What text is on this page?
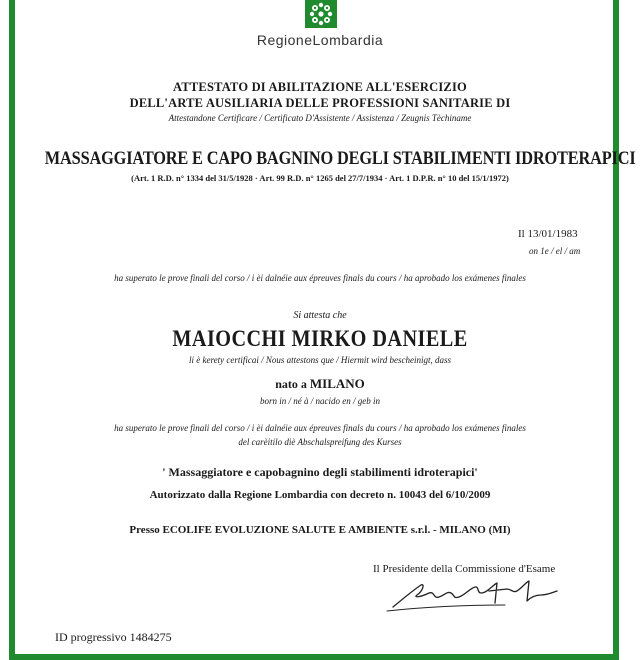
RegioneLombardia
ATTESTATO DI ABILITAZIONE ALL'ESERCIZIO
DELL'ARTE AUSILIARIA DELLE PROFESSIONI SANITARIE DI
Attestandone Certificare / Certificato D'Assistente / Assistenza / Zeugnis Tèchiname
MASSAGGIATORE E CAPO BAGNINO DEGLI STABILIMENTI IDROTERAPICI
(Art. 1 R.D. n° 1334 del 31/5/1928 · Art. 99 R.D. n° 1265 del 27/7/1934 · Art. 1 D.P.R. n° 10 del 15/1/1972)
Il 13/01/1983
on 1e / el / am
ha superato le prove finali del corso / i èi dalnéie aux épreuves finals du cours / ha aprobado los exámenes finales
Si attesta che
MAIOCCHI MIRKO DANIELE
li è kerety certificai / Nous attestons que / Hiermit wird bescheinigt, dass
nato a MILANO
born in / né à / nacido en / geb in
ha superato le prove finali del corso / i èi dalnéie aux épreuves finals du cours / ha aprobado los exámenes finales
del carèitilo diè Abschalspreifung des Kurses
' Massaggiatore e capobagnino degli stabilimenti idroterapici'
Autorizzato dalla Regione Lombardia con decreto n. 10043 del 6/10/2009
Presso ECOLIFE EVOLUZIONE SALUTE E AMBIENTE s.r.l. - MILANO (MI)
Il Presidente della Commissione d'Esame
ID progressivo 1484275
